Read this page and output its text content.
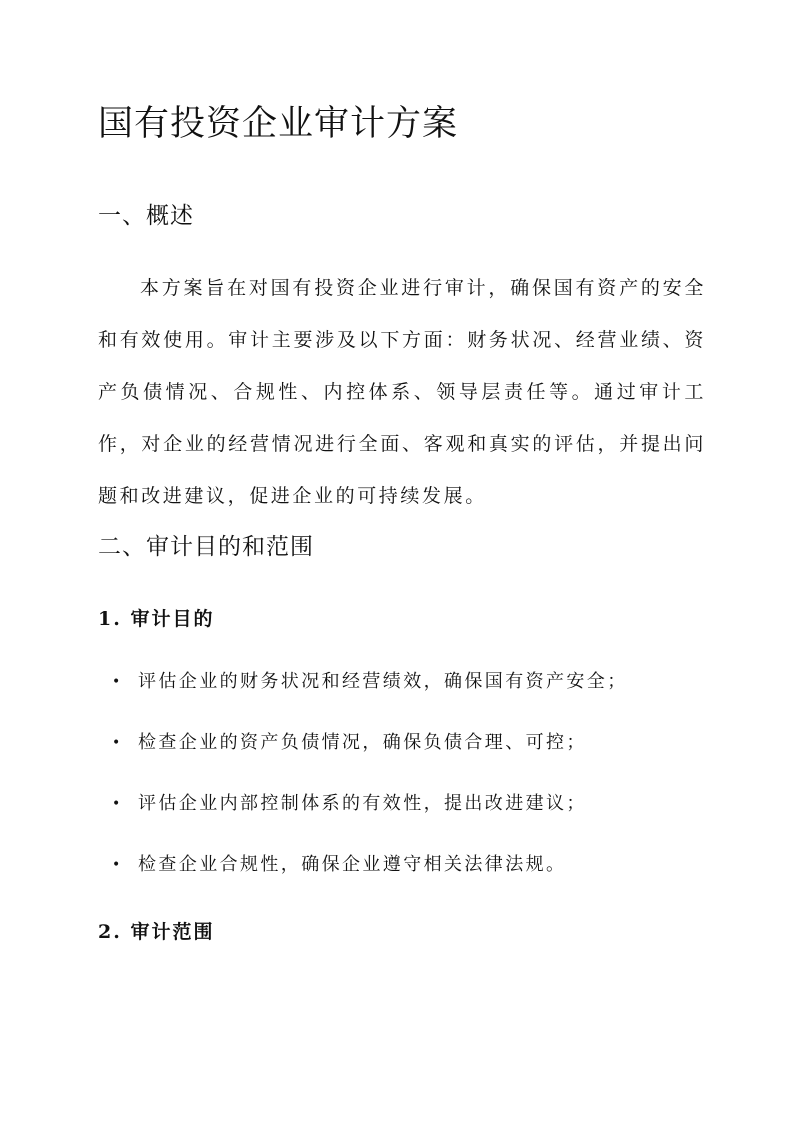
国有投资企业审计方案
一、概述

本方案旨在对国有投资企业进行审计，确保国有资产的安全和有效使用。审计主要涉及以下方面：财务状况、经营业绩、资产负债情况、合规性、内控体系、领导层责任等。通过审计工作，对企业的经营情况进行全面、客观和真实的评估，并提出问题和改进建议，促进企业的可持续发展。

二、审计目的和范围
1. 审计目的
• 评估企业的财务状况和经营绩效，确保国有资产安全；
• 检查企业的资产负债情况，确保负债合理、可控；
• 评估企业内部控制体系的有效性，提出改进建议；
• 检查企业合规性，确保企业遵守相关法律法规。
2. 审计范围
